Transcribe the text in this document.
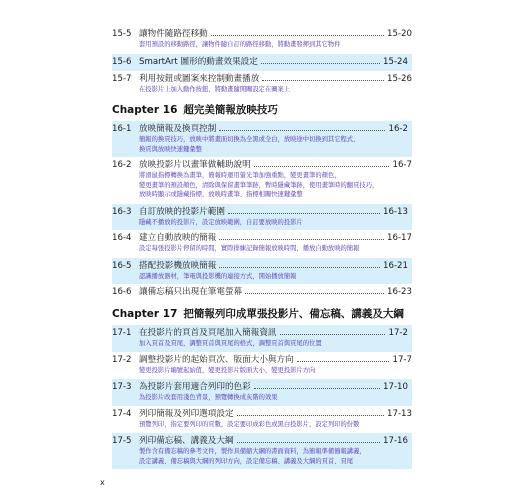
15-5 讓物件隨路徑移動	15-20
套用預設的移動路徑，讓物件隨自訂的路徑移動，將動畫發揮到其它物件
15-6 SmartArt 圖形的動畫效果設定	15-24
15-7 利用按鈕或圖案來控制動畫播放	15-26
在投影片上加入動作按鈕，將動畫隨開關設定在圖案上
Chapter 16 超完美簡報放映技巧
16-1 放映簡報及換頁控制	16-2
簡報的換頁技巧，放映中將畫面切換為全黑或全白，放映途中切換到其它程式，
換頁與放映快速鍵彙整
16-2 放映投影片以畫筆做輔助說明	16-7
將滑鼠指標轉換為畫筆，簡報時運用螢光筆加強重點，變更畫筆的顏色，
變更畫筆的預設顏色，清除與保留畫筆筆跡，暫時隱藏筆跡，使用畫筆時的翻頁技巧，
放映時顯示或隱藏指標，放映時畫筆、指標相關快速鍵彙整
16-3 自訂放映的投影片範圍	16-13
隱藏不播放的投影片，設定放映範圍，自訂要放映的投影片
16-4 建立自動放映的簡報	16-17
設定每張投影片停留的時間，實際排練記錄簡報放映時間，播放自動放映的簡報
16-5 搭配投影機放映簡報	16-21
認識播放器材，筆電與投影機的連接方式，開始播放簡報
16-6 讓備忘稿只出現在筆電螢幕	16-23
Chapter 17 把簡報列印成單張投影片、備忘稿、講義及大綱
17-1 在投影片的頁首及頁尾加入簡報資訊	17-2
加入頁首及頁尾，調整頁首與頁尾的格式，調整頁首與頁尾的位置
17-2 調整投影片的起始頁次、版面大小與方向	17-7
變更投影片編號起始值，變更投影片版面大小，變更投影片方向
17-3 為投影片套用適合列印的色彩	17-10
為投影片改套用淺色背景，預覽轉換成灰階的效果
17-4 列印簡報及列印選項設定	17-13
預覽列印，指定要列印的頁數，設定要印成彩色或黑白投影片，設定列印的份數
17-5 列印備忘稿、講義及大綱	17-16
製作含有備忘稿的參考文件，製作具備縮大綱的書面資料，為簡報準備簡報講義，
設定講義、備忘稿與大綱的列印方向，設定備忘稿、講義及大綱的頁首、頁尾
x
